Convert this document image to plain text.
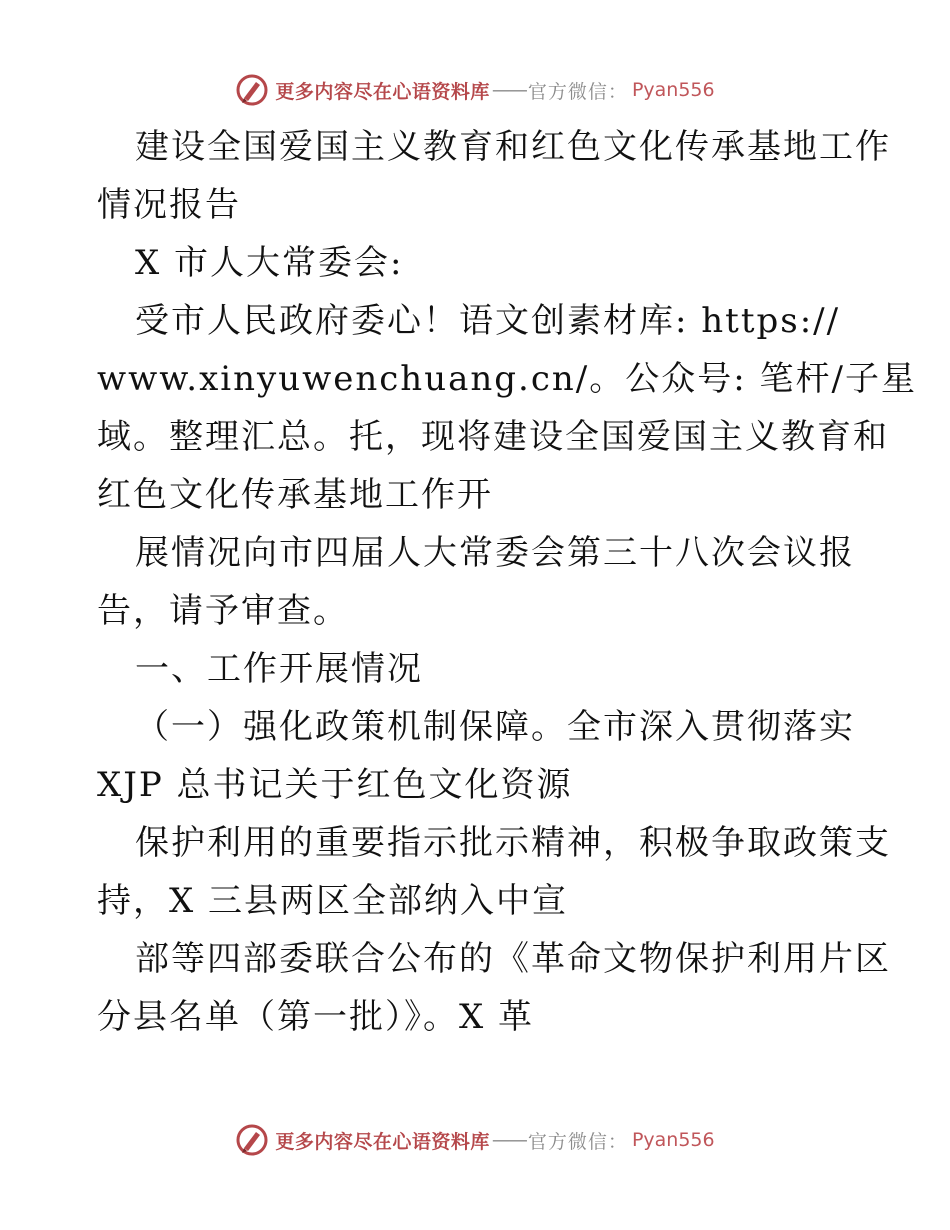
更多内容尽在心语资料库 —— 官方微信： Pyan556
建设全国爱国主义教育和红色文化传承基地工作
情况报告
X 市人大常委会:
受市人民政府委心！语文创素材库: https://
www.xinyuwenchuang.cn/。公众号: 笔杆/子星
域。整理汇总。托，现将建设全国爱国主义教育和
红色文化传承基地工作开
展情况向市四届人大常委会第三十八次会议报
告，请予审查。
一、工作开展情况
（一）强化政策机制保障。全市深入贯彻落实
XJP 总书记关于红色文化资源
保护利用的重要指示批示精神，积极争取政策支
持，X 三县两区全部纳入中宣
部等四部委联合公布的《革命文物保护利用片区
分县名单（第一批）》。X 革
更多内容尽在心语资料库 —— 官方微信： Pyan556
